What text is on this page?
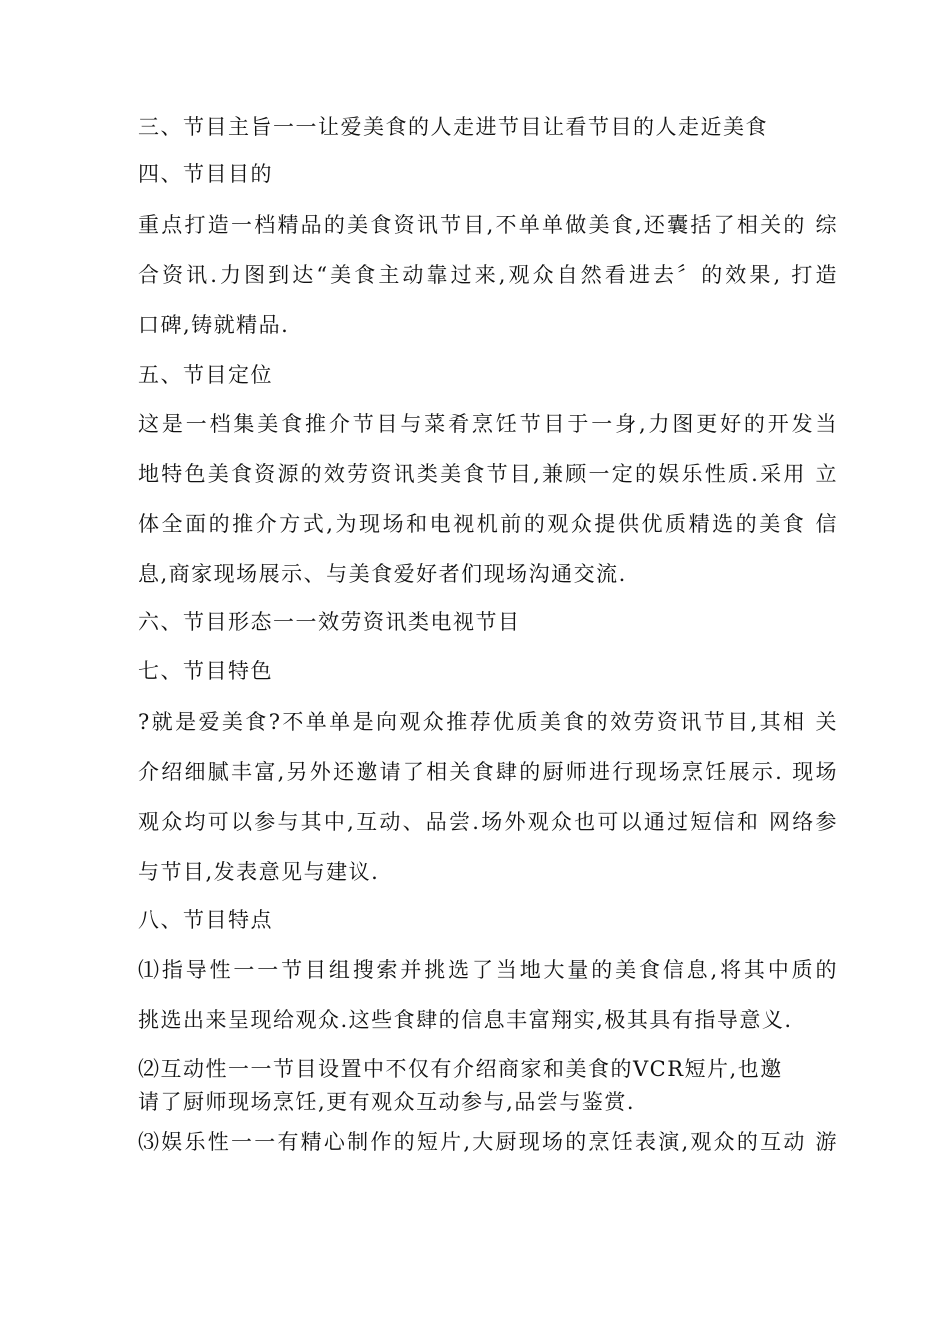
三、节目主旨一一让爱美食的人走进节目让看节目的人走近美食
四、节目目的
重点打造一档精品的美食资讯节目,不单单做美食,还囊括了相关的 综
合资讯.力图到达“美食主动靠过来,观众自然看进去〞的效果, 打造
口碑,铸就精品.
五、节目定位
这是一档集美食推介节目与菜肴烹饪节目于一身,力图更好的开发当
地特色美食资源的效劳资讯类美食节目,兼顾一定的娱乐性质.采用 立
体全面的推介方式,为现场和电视机前的观众提供优质精选的美食 信
息,商家现场展示、与美食爱好者们现场沟通交流.
六、节目形态一一效劳资讯类电视节目
七、节目特色
?就是爱美食?不单单是向观众推荐优质美食的效劳资讯节目,其相 关
介绍细腻丰富,另外还邀请了相关食肆的厨师进行现场烹饪展示. 现场
观众均可以参与其中,互动、品尝.场外观众也可以通过短信和 网络参
与节目,发表意见与建议.
八、节目特点
⑴指导性一一节目组搜索并挑选了当地大量的美食信息,将其中质的
挑选出来呈现给观众.这些食肆的信息丰富翔实,极其具有指导意义.
⑵互动性一一节目设置中不仅有介绍商家和美食的VCR短片,也邀
请了厨师现场烹饪,更有观众互动参与,品尝与鉴赏.
⑶娱乐性一一有精心制作的短片,大厨现场的烹饪表演,观众的互动 游
